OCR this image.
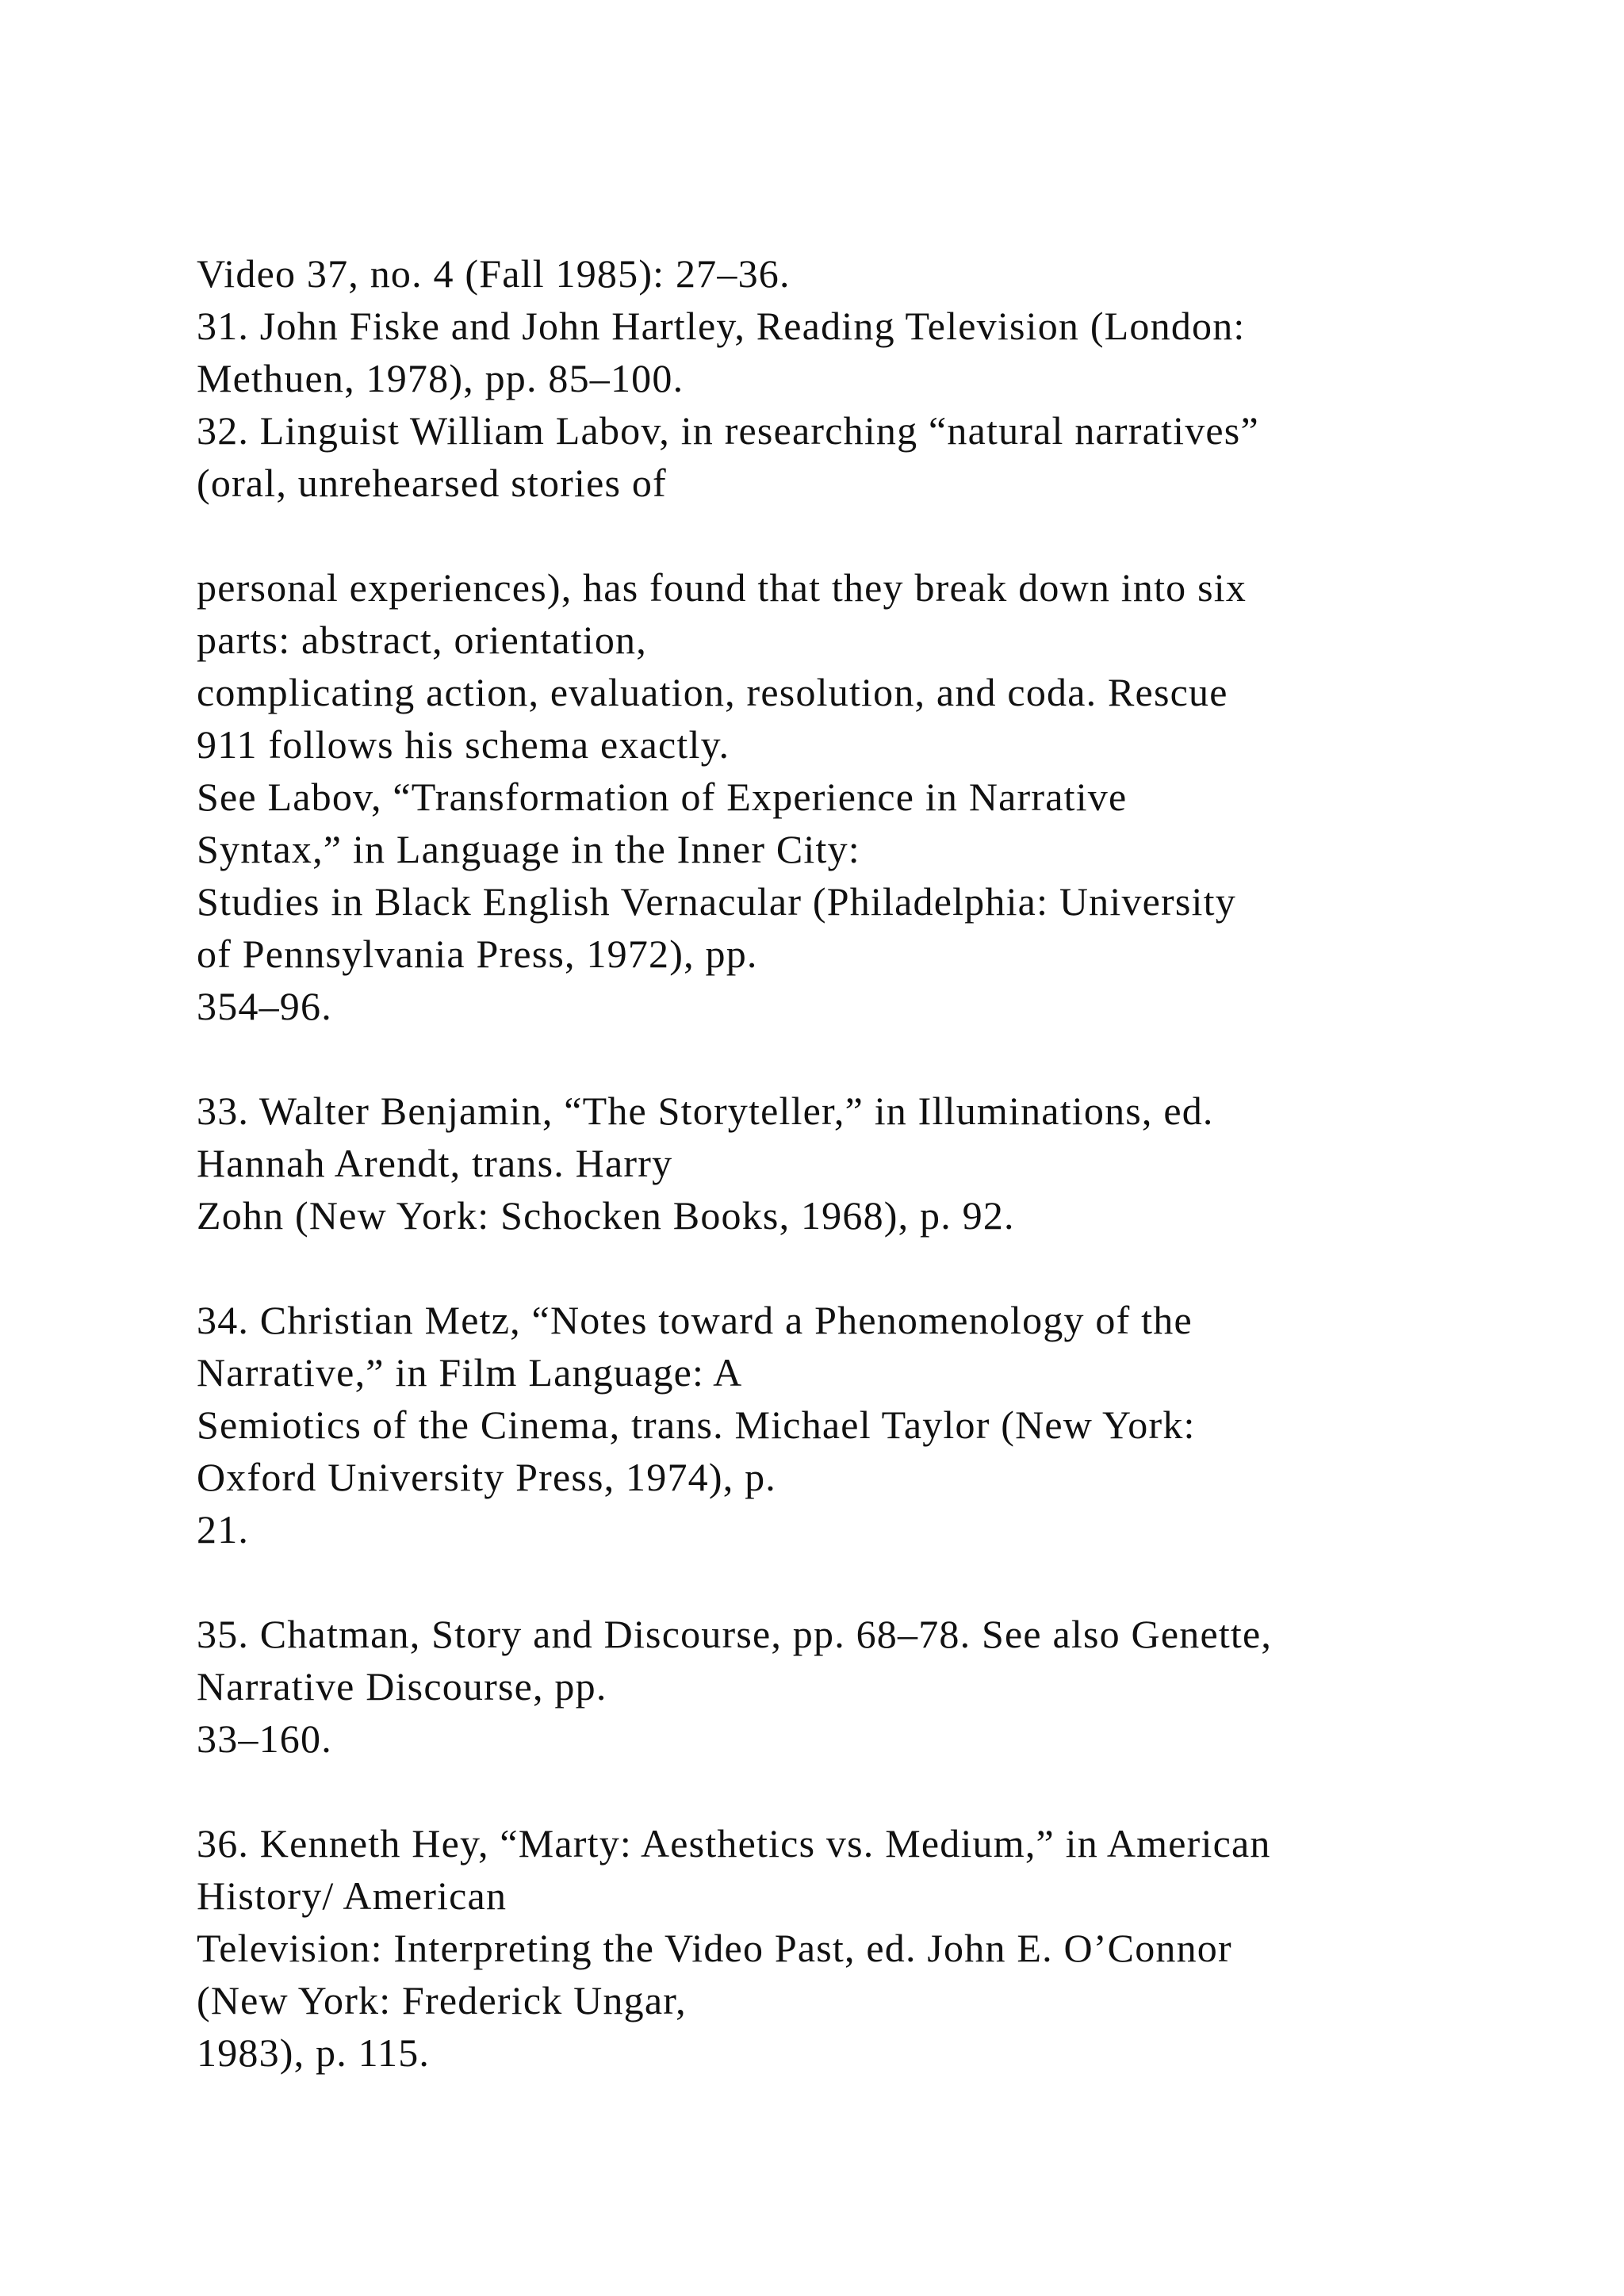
Video 37, no. 4 (Fall 1985): 27–36.
31. John Fiske and John Hartley, Reading Television (London:
Methuen, 1978), pp. 85–100.
32. Linguist William Labov, in researching “natural narratives”
(oral, unrehearsed stories of
personal experiences), has found that they break down into six
parts: abstract, orientation,
complicating action, evaluation, resolution, and coda. Rescue
911 follows his schema exactly.
See Labov, “Transformation of Experience in Narrative
Syntax,” in Language in the Inner City:
Studies in Black English Vernacular (Philadelphia: University
of Pennsylvania Press, 1972), pp.
354–96.
33. Walter Benjamin, “The Storyteller,” in Illuminations, ed.
Hannah Arendt, trans. Harry
Zohn (New York: Schocken Books, 1968), p. 92.
34. Christian Metz, “Notes toward a Phenomenology of the
Narrative,” in Film Language: A
Semiotics of the Cinema, trans. Michael Taylor (New York:
Oxford University Press, 1974), p.
21.
35. Chatman, Story and Discourse, pp. 68–78. See also Genette,
Narrative Discourse, pp.
33–160.
36. Kenneth Hey, “Marty: Aesthetics vs. Medium,” in American
History/ American
Television: Interpreting the Video Past, ed. John E. O’Connor
(New York: Frederick Ungar,
1983), p. 115.
